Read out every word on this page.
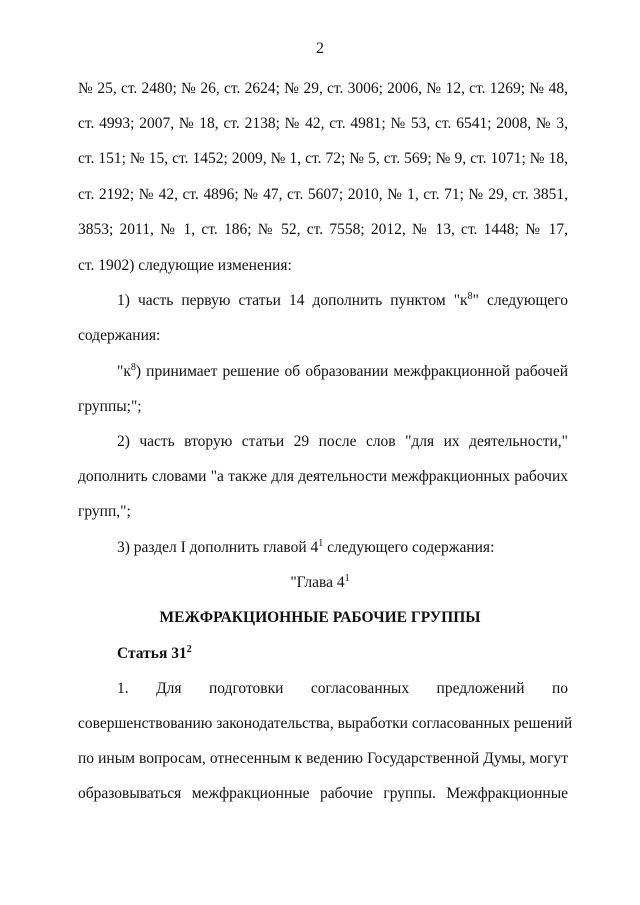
2
№ 25, ст. 2480; № 26, ст. 2624; № 29, ст. 3006; 2006, № 12, ст. 1269; № 48,
ст. 4993; 2007, № 18, ст. 2138; № 42, ст. 4981; № 53, ст. 6541; 2008, № 3,
ст. 151; № 15, ст. 1452; 2009, № 1, ст. 72; № 5, ст. 569; № 9, ст. 1071; № 18,
ст. 2192; № 42, ст. 4896; № 47, ст. 5607; 2010, № 1, ст. 71; № 29, ст. 3851,
3853; 2011, № 1, ст. 186; № 52, ст. 7558; 2012, № 13, ст. 1448; № 17,
ст. 1902) следующие изменения:
1) часть первую статьи 14 дополнить пунктом "$к^8$" следующего
содержания:
"$к^8$) принимает решение об образовании межфракционной рабочей
группы;";
2) часть вторую статьи 29 после слов "для их деятельности,"
дополнить словами "а также для деятельности межфракционных рабочих
групп,";
3) раздел I дополнить главой $4^1$ следующего содержания:
"Глава $4^1$
МЕЖФРАКЦИОННЫЕ РАБОЧИЕ ГРУППЫ
Статья $31^2$
1. Для подготовки согласованных предложений по
совершенствованию законодательства, выработки согласованных решений
по иным вопросам, отнесенным к ведению Государственной Думы, могут
образовываться межфракционные рабочие группы. Межфракционные
